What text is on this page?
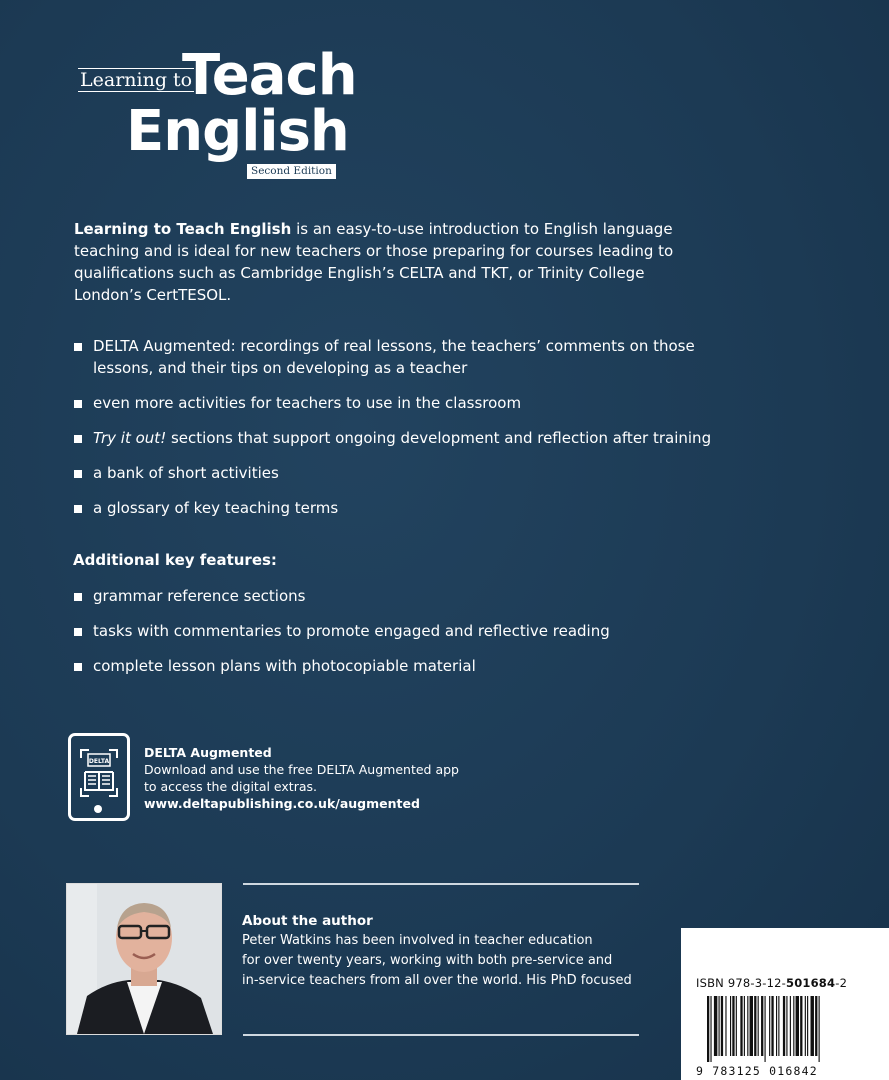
Learning to
Teach
English
Second Edition
Learning to Teach English is an easy-to-use introduction to English language teaching and is ideal for new teachers or those preparing for courses leading to qualifications such as Cambridge English’s CELTA and TKT, or Trinity College London’s CertTESOL.
DELTA Augmented: recordings of real lessons, the teachers’ comments on those lessons, and their tips on developing as a teacher
even more activities for teachers to use in the classroom
Try it out! sections that support ongoing development and reflection after training
a bank of short activities
a glossary of key teaching terms
Additional key features:
grammar reference sections
tasks with commentaries to promote engaged and reflective reading
complete lesson plans with photocopiable material
DELTA
DELTA Augmented
Download and use the free DELTA Augmented app
to access the digital extras.
www.deltapublishing.co.uk/augmented
About the author
Peter Watkins has been involved in teacher education
for over twenty years, working with both pre-service and
in-service teachers from all over the world. His PhD focused	ISBN 978-3-12-501684-2
9 783125 016842
